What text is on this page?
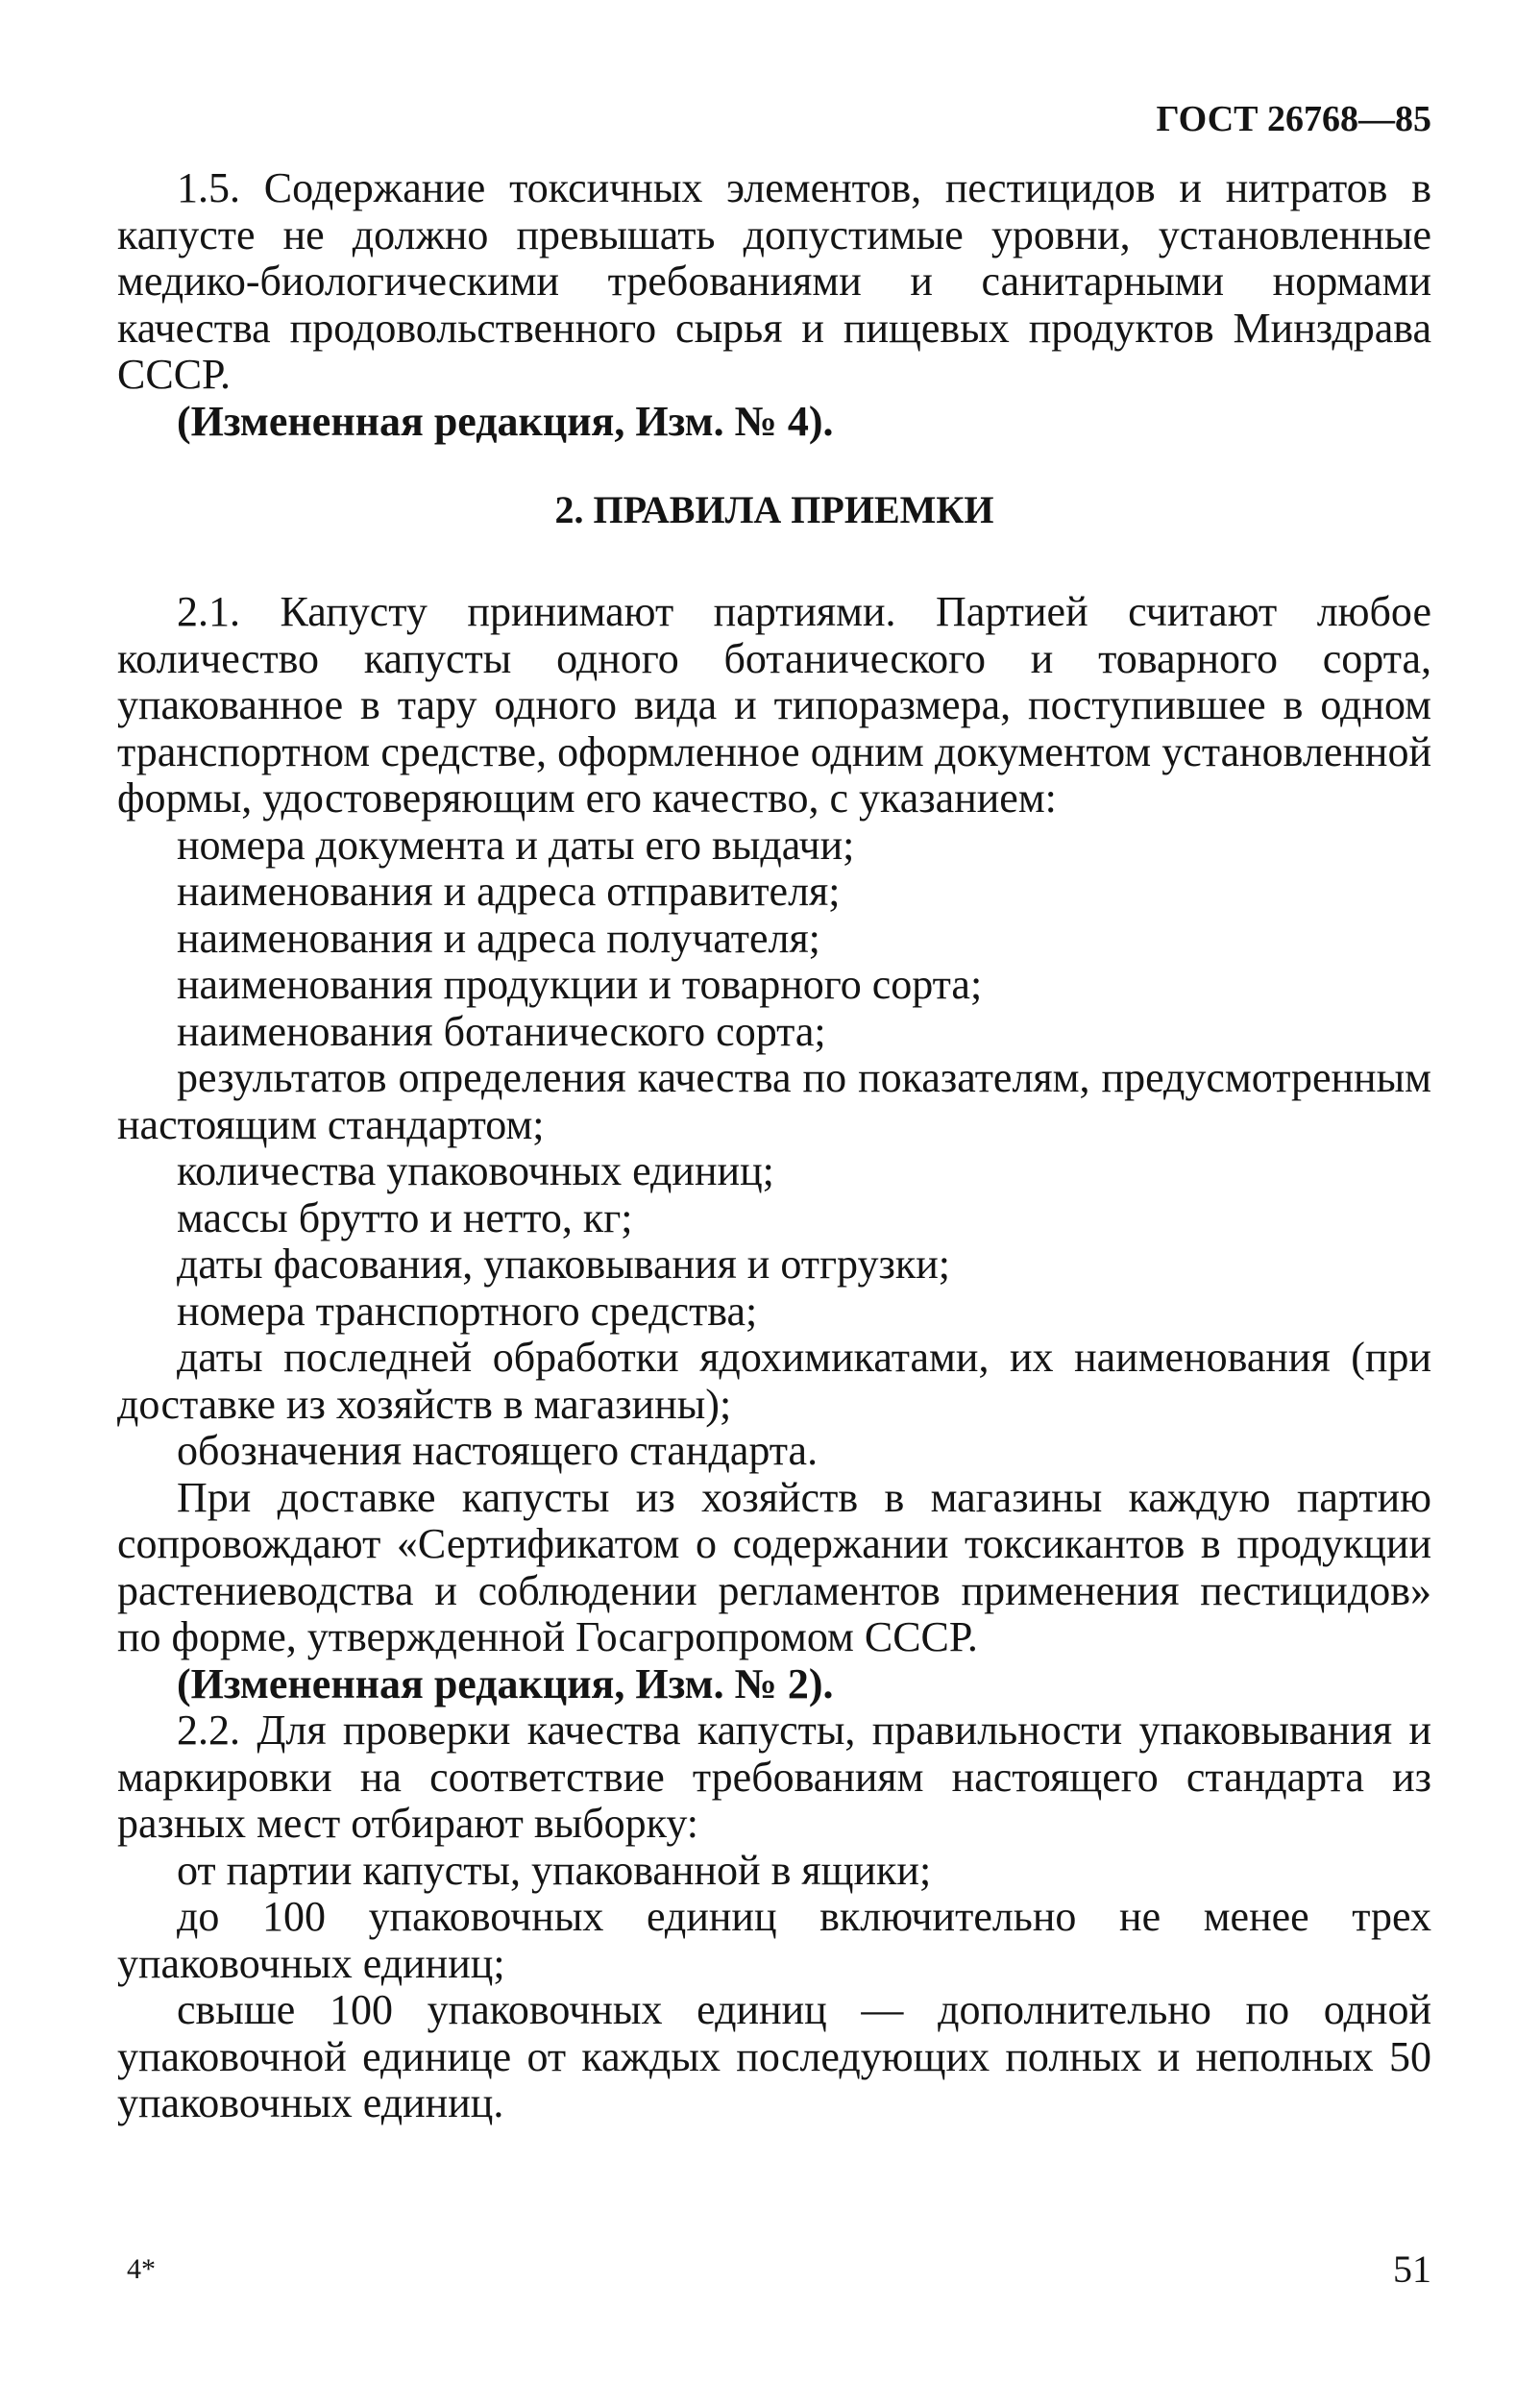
ГОСТ 26768—85

1.5. Содержание токсичных элементов, пестицидов и нитратов в капусте не должно превышать допустимые уровни, установленные медико-биологическими требованиями и санитарными нормами качества продовольственного сырья и пищевых продуктов Минздрава СССР.

(Измененная редакция, Изм. № 4).

2. ПРАВИЛА ПРИЕМКИ

2.1. Капусту принимают партиями. Партией считают любое количество капусты одного ботанического и товарного сорта, упакованное в тару одного вида и типоразмера, поступившее в одном транспортном средстве, оформленное одним документом установленной формы, удостоверяющим его качество, с указанием:

номера документа и даты его выдачи;

наименования и адреса отправителя;

наименования и адреса получателя;

наименования продукции и товарного сорта;

наименования ботанического сорта;

результатов определения качества по показателям, предусмотренным настоящим стандартом;

количества упаковочных единиц;

массы брутто и нетто, кг;

даты фасования, упаковывания и отгрузки;

номера транспортного средства;

даты последней обработки ядохимикатами, их наименования (при доставке из хозяйств в магазины);

обозначения настоящего стандарта.

При доставке капусты из хозяйств в магазины каждую партию сопровождают «Сертификатом о содержании токсикантов в продукции растениеводства и соблюдении регламентов применения пестицидов» по форме, утвержденной Госагропромом СССР.

(Измененная редакция, Изм. № 2).

2.2. Для проверки качества капусты, правильности упаковывания и маркировки на соответствие требованиям настоящего стандарта из разных мест отбирают выборку:

от партии капусты, упакованной в ящики;

до 100 упаковочных единиц включительно не менее трех упаковочных единиц;

свыше 100 упаковочных единиц — дополнительно по одной упаковочной единице от каждых последующих полных и неполных 50 упаковочных единиц.

4*	51
